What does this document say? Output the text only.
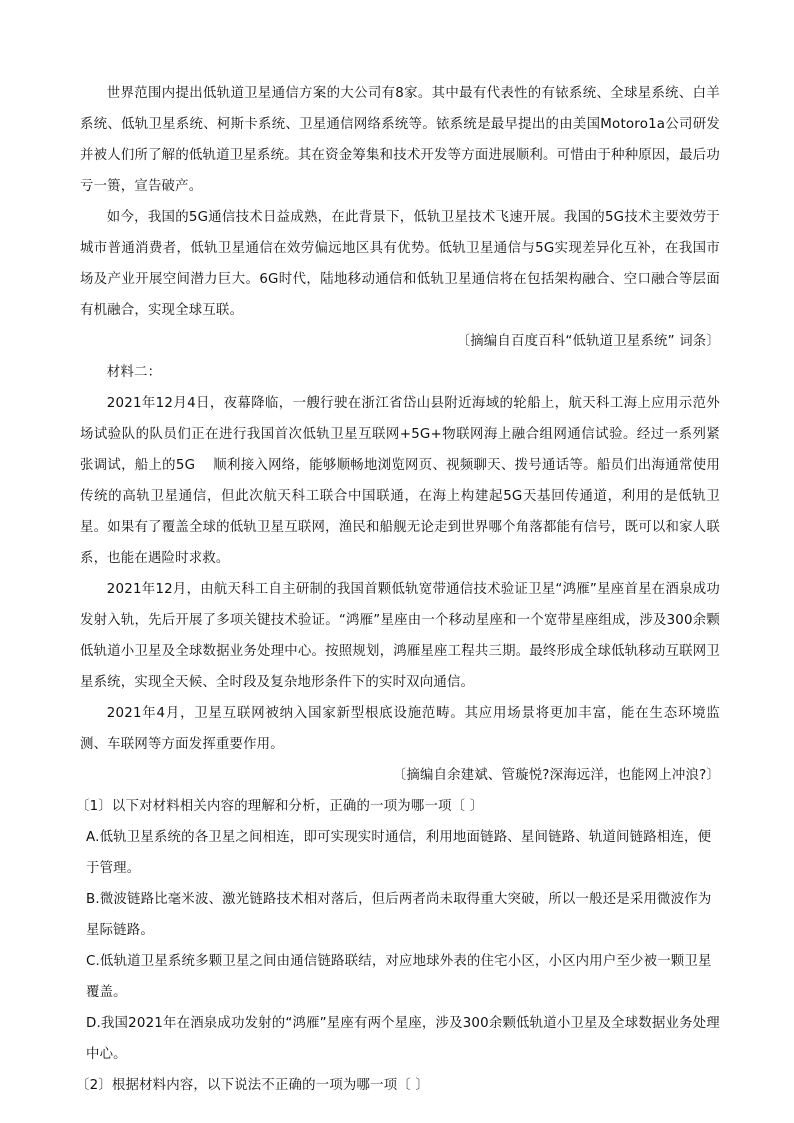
世界范围内提出低轨道卫星通信方案的大公司有8家。其中最有代表性的有铱系统、全球星系统、白羊系统、低轨卫星系统、柯斯卡系统、卫星通信网络系统等。铱系统是最早提出的由美国Motoro1a公司研发并被人们所了解的低轨道卫星系统。其在资金筹集和技术开发等方面进展顺利。可惜由于种种原因，最后功亏一篑，宣告破产。

如今，我国的5G通信技术日益成熟，在此背景下，低轨卫星技术飞速开展。我国的5G技术主要效劳于城市普通消费者，低轨卫星通信在效劳偏远地区具有优势。低轨卫星通信与5G实现差异化互补，在我国市场及产业开展空间潜力巨大。6G时代，陆地移动通信和低轨卫星通信将在包括架构融合、空口融合等层面有机融合，实现全球互联。

〔摘编自百度百科“低轨道卫星系统” 词条〕

材料二：

2021年12月4日，夜幕降临，一艘行驶在浙江省岱山县附近海域的轮船上，航天科工海上应用示范外场试验队的队员们正在进行我国首次低轨卫星互联网+5G+物联网海上融合组网通信试验。经过一系列紧张调试，船上的5G 顺利接入网络，能够顺畅地浏览网页、视频聊天、拨号通话等。船员们出海通常使用传统的高轨卫星通信，但此次航天科工联合中国联通，在海上构建起5G天基回传通道，利用的是低轨卫星。如果有了覆盖全球的低轨卫星互联网，渔民和船舰无论走到世界哪个角落都能有信号，既可以和家人联系，也能在遇险时求救。

2021年12月，由航天科工自主研制的我国首颗低轨宽带通信技术验证卫星“鸿雁”星座首星在酒泉成功发射入轨，先后开展了多项关键技术验证。“鸿雁”星座由一个移动星座和一个宽带星座组成，涉及300余颗低轨道小卫星及全球数据业务处理中心。按照规划，鸿雁星座工程共三期。最终形成全球低轨移动互联网卫星系统，实现全天候、全时段及复杂地形条件下的实时双向通信。

2021年4月，卫星互联网被纳入国家新型根底设施范畴。其应用场景将更加丰富，能在生态环境监测、车联网等方面发挥重要作用。

〔摘编自余建斌、管璇悦?深海远洋，也能网上冲浪?〕

〔1〕以下对材料相关内容的理解和分析，正确的一项为哪一项〔 〕

A.低轨卫星系统的各卫星之间相连，即可实现实时通信，利用地面链路、星间链路、轨道间链路相连，便于管理。

B.微波链路比毫米波、激光链路技术相对落后，但后两者尚未取得重大突破，所以一般还是采用微波作为星际链路。

C.低轨道卫星系统多颗卫星之间由通信链路联结，对应地球外表的住宅小区，小区内用户至少被一颗卫星覆盖。

D.我国2021年在酒泉成功发射的“鸿雁”星座有两个星座，涉及300余颗低轨道小卫星及全球数据业务处理中心。

〔2〕根据材料内容，以下说法不正确的一项为哪一项〔 〕
